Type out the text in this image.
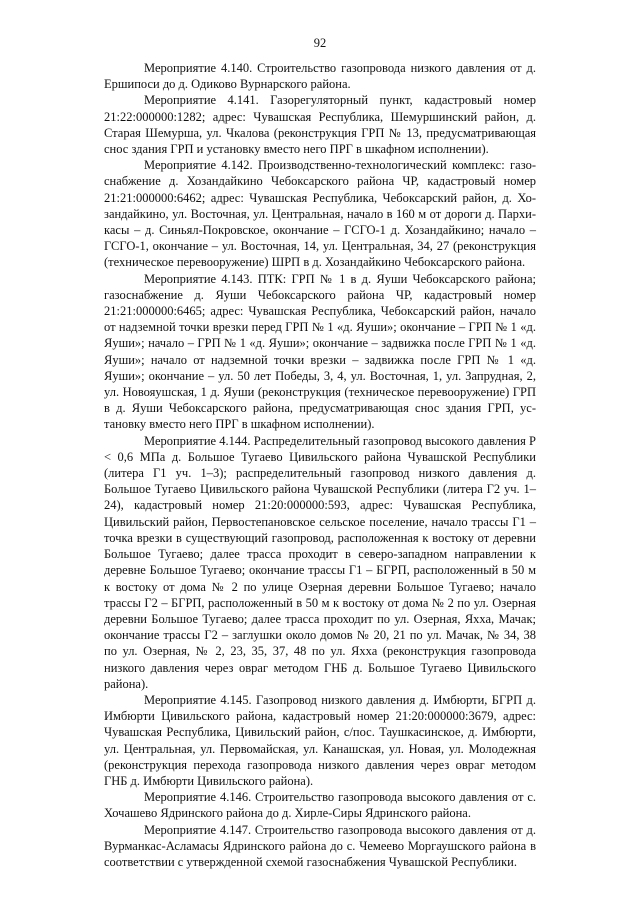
92

Мероприятие 4.140. Строительство газопровода низкого давления от д. Ершипоси до д. Одиково Вурнарского района.

Мероприятие 4.141. Газорегуляторный пункт, кадастровый номер 21:22:000000:1282; адрес: Чувашская Республика, Шемуршинский район, д. Старая Шемурша, ул. Чкалова (реконструкция ГРП № 13, предусматривающая снос здания ГРП и установку вместо него ПРГ в шкафном исполнении).

Мероприятие 4.142. Производственно-технологический комплекс: газоснабжение д. Хозандайкино Чебоксарского района ЧР, кадастровый номер 21:21:000000:6462; адрес: Чувашская Республика, Чебоксарский район, д. Хозандайкино, ул. Восточная, ул. Центральная, начало в 160 м от дороги д. Пархикасы – д. Синьял-Покровское, окончание – ГСГО-1 д. Хозандайкино; начало – ГСГО-1, окончание – ул. Восточная, 14, ул. Центральная, 34, 27 (реконструкция (техническое перевооружение) ШРП в д. Хозандайкино Чебоксарского района.

Мероприятие 4.143. ПТК: ГРП № 1 в д. Яуши Чебоксарского района; газоснабжение д. Яуши Чебоксарского района ЧР, кадастровый номер 21:21:000000:6465; адрес: Чувашская Республика, Чебоксарский район, начало от надземной точки врезки перед ГРП № 1 «д. Яуши»; окончание – ГРП № 1 «д. Яуши»; начало – ГРП № 1 «д. Яуши»; окончание – задвижка после ГРП № 1 «д. Яуши»; начало от надземной точки врезки – задвижка после ГРП № 1 «д. Яуши»; окончание – ул. 50 лет Победы, 3, 4, ул. Восточная, 1, ул. Запрудная, 2, ул. Новояушская, 1 д. Яуши (реконструкция (техническое перевооружение) ГРП в д. Яуши Чебоксарского района, предусматривающая снос здания ГРП, установку вместо него ПРГ в шкафном исполнении).

Мероприятие 4.144. Распределительный газопровод высокого давления Р < 0,6 МПа д. Большое Тугаево Цивильского района Чувашской Республики (литера Г1 уч. 1–3); распределительный газопровод низкого давления д. Большое Тугаево Цивильского района Чувашской Республики (литера Г2 уч. 1–24), кадастровый номер 21:20:000000:593, адрес: Чувашская Республика, Цивильский район, Первостепановское сельское поселение, начало трассы Г1 – точка врезки в существующий газопровод, расположенная к востоку от деревни Большое Тугаево; далее трасса проходит в северо-западном направлении к деревне Большое Тугаево; окончание трассы Г1 – БГРП, расположенный в 50 м к востоку от дома № 2 по улице Озерная деревни Большое Тугаево; начало трассы Г2 – БГРП, расположенный в 50 м к востоку от дома № 2 по ул. Озерная деревни Большое Тугаево; далее трасса проходит по ул. Озерная, Яхха, Мачак; окончание трассы Г2 – заглушки около домов № 20, 21 по ул. Мачак, № 34, 38 по ул. Озерная, № 2, 23, 35, 37, 48 по ул. Яхха (реконструкция газопровода низкого давления через овраг методом ГНБ д. Большое Тугаево Цивильского района).

Мероприятие 4.145. Газопровод низкого давления д. Имбюрти, БГРП д. Имбюрти Цивильского района, кадастровый номер 21:20:000000:3679, адрес: Чувашская Республика, Цивильский район, с/пос. Таушкасинское, д. Имбюрти, ул. Центральная, ул. Первомайская, ул. Канашская, ул. Новая, ул. Молодежная (реконструкция перехода газопровода низкого давления через овраг методом ГНБ д. Имбюрти Цивильского района).

Мероприятие 4.146. Строительство газопровода высокого давления от с. Хочашево Ядринского района до д. Хирле-Сиры Ядринского района.

Мероприятие 4.147. Строительство газопровода высокого давления от д. Вурманкас-Асламасы Ядринского района до с. Чемеево Моргаушского района в соответствии с утвержденной схемой газоснабжения Чувашской Республики.
